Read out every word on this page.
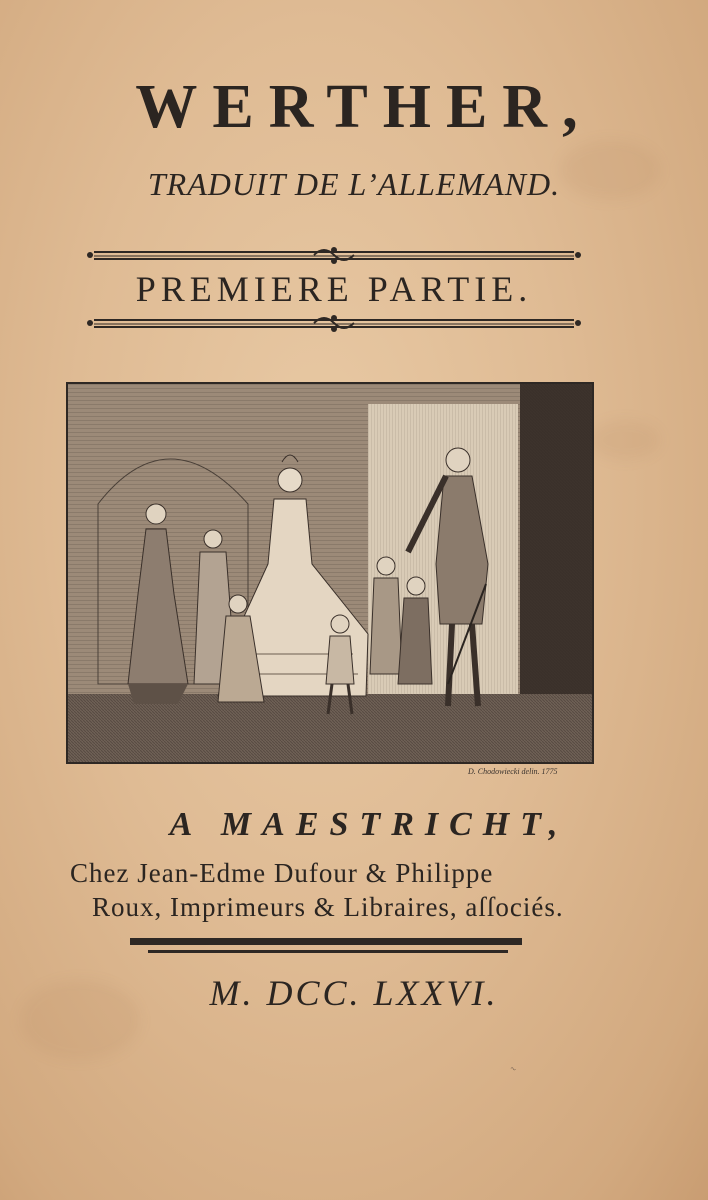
WERTHER,
TRADUIT DE L’ALLEMAND.
PREMIERE PARTIE.
D. Chodowiecki delin. 1775
A MAESTRICHT,
Chez Jean-Edme Dufour & Philippe
Roux, Imprimeurs & Libraires, aſſociés.
M. DCC. LXXVI.
~
